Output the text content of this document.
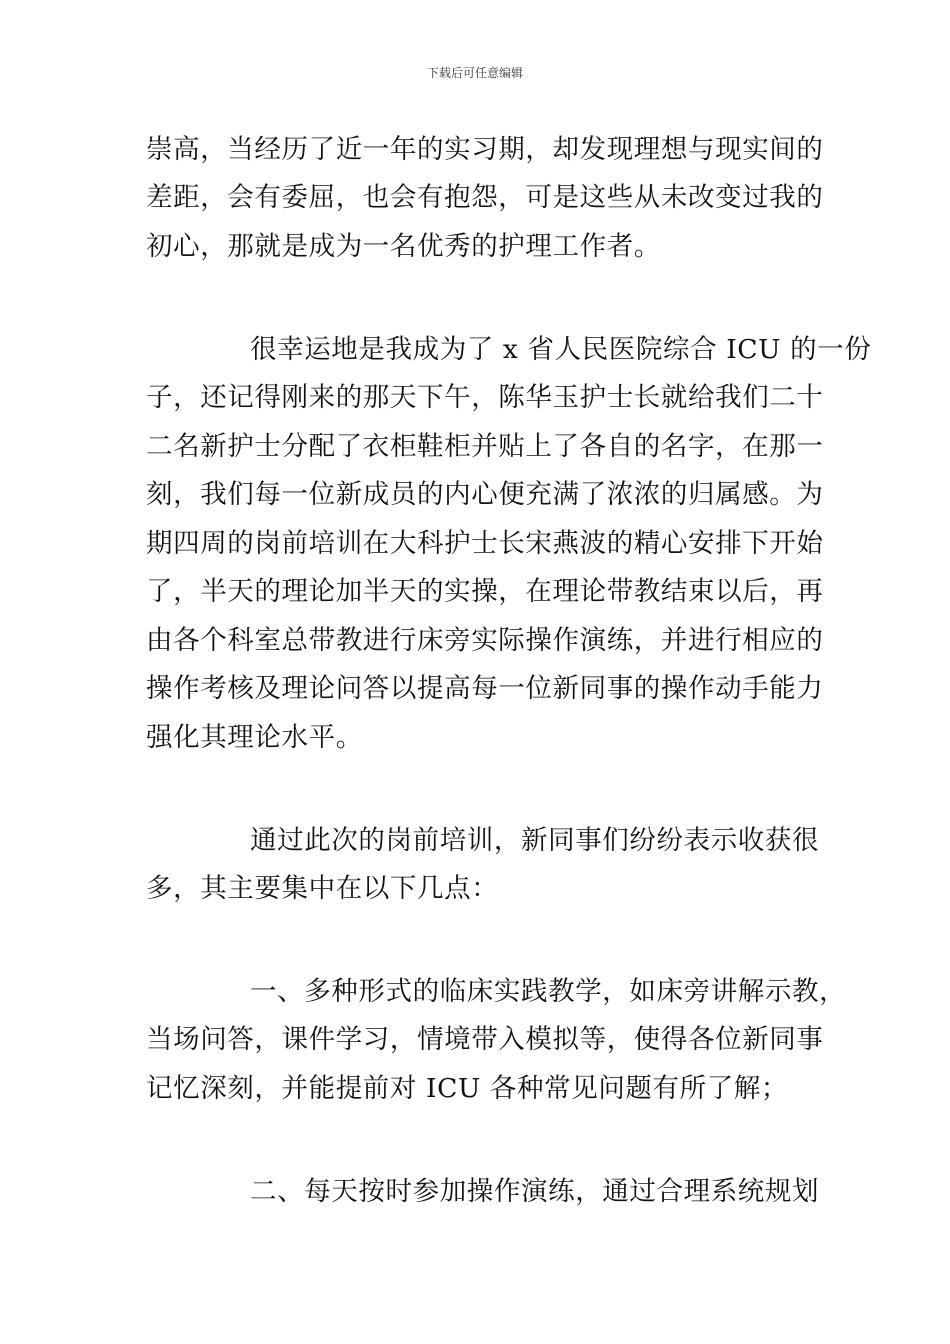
下载后可任意编辑
崇高，当经历了近一年的实习期，却发现理想与现实间的
差距，会有委屈，也会有抱怨，可是这些从未改变过我的
初心，那就是成为一名优秀的护理工作者。
很幸运地是我成为了 x 省人民医院综合 ICU 的一份
子，还记得刚来的那天下午，陈华玉护士长就给我们二十
二名新护士分配了衣柜鞋柜并贴上了各自的名字，在那一
刻，我们每一位新成员的内心便充满了浓浓的归属感。为
期四周的岗前培训在大科护士长宋燕波的精心安排下开始
了，半天的理论加半天的实操，在理论带教结束以后，再
由各个科室总带教进行床旁实际操作演练，并进行相应的
操作考核及理论问答以提高每一位新同事的操作动手能力
强化其理论水平。
通过此次的岗前培训，新同事们纷纷表示收获很
多，其主要集中在以下几点：
一、多种形式的临床实践教学，如床旁讲解示教，
当场问答，课件学习，情境带入模拟等，使得各位新同事
记忆深刻，并能提前对 ICU 各种常见问题有所了解；
二、每天按时参加操作演练，通过合理系统规划
